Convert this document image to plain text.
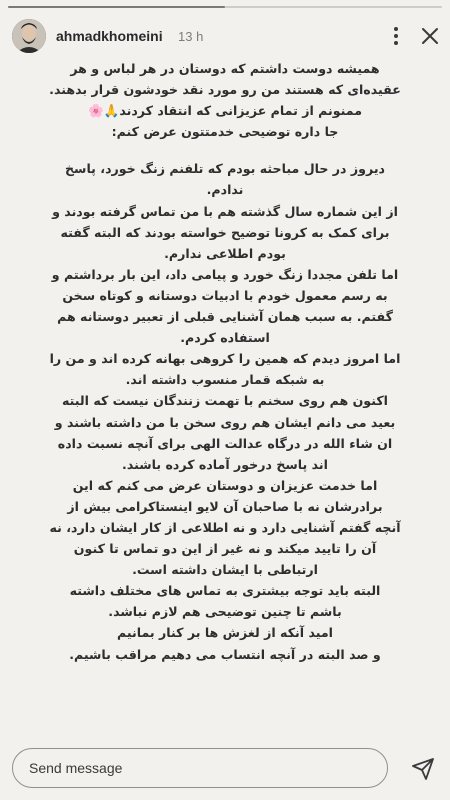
ahmadkhomeini 13 h

همیشه دوست داشتم که دوستان در هر لباس و هر

عقیده‌ای که هستند من رو مورد نقد خودشون قرار بدهند.

ممنونم از تمام عزیزانی که انتقاد کردند🙏🌸

جا داره توضیحی خدمتتون عرض کنم:

دیروز در حال مباحثه بودم که تلفنم زنگ خورد، پاسخ

ندادم.

از این شماره سال گذشته هم با من تماس گرفته بودند و

برای کمک به کرونا توضیح خواسته بودند که البته گفته

بودم اطلاعی ندارم.

اما تلفن مجددا زنگ خورد و پیامی داد، این بار برداشتم و

به رسم معمول خودم با ادبیات دوستانه و کوتاه سخن

گفتم. به سبب همان آشنایی قبلی از تعبیر دوستانه هم

استفاده کردم.

اما امروز دیدم که همین را کروهی بهانه کرده اند و من را

به شبکه قمار منسوب داشته اند.

اکنون هم روی سخنم با تهمت زنندگان نیست که البته

بعید می دانم ایشان هم روی سخن با من داشته باشند و

ان شاء الله در درگاه عدالت الهی برای آنچه نسبت داده

اند پاسخ درخور آماده کرده باشند.

اما خدمت عزیزان و دوستان عرض می کنم که این

برادرشان نه با صاحبان آن لایو اینستاکرامی بیش از

آنچه گفتم آشنایی دارد و نه اطلاعی از کار ایشان دارد، نه

آن را تایید میکند و نه غیر از این دو تماس تا کنون

ارتباطی با ایشان داشته است.

البته باید توجه بیشتری به تماس های مختلف داشته

باشم تا چنین توضیحی هم لازم نباشد.

امید آنکه از لغزش ها بر کنار بمانیم

و صد البته در آنچه انتساب می دهیم مراقب باشیم.

Send message
